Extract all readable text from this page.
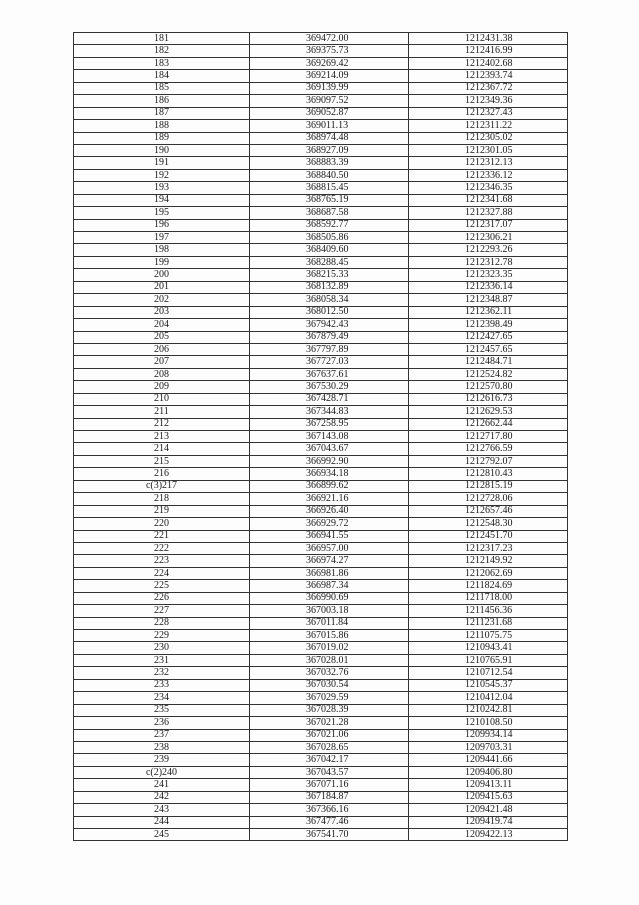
181	369472.00	1212431.38
182	369375.73	1212416.99
183	369269.42	1212402.68
184	369214.09	1212393.74
185	369139.99	1212367.72
186	369097.52	1212349.36
187	369052.87	1212327.43
188	369011.13	1212311.22
189	368974.48	1212305.02
190	368927.09	1212301.05
191	368883.39	1212312.13
192	368840.50	1212336.12
193	368815.45	1212346.35
194	368765.19	1212341.68
195	368687.58	1212327.88
196	368592.77	1212317.07
197	368505.86	1212306.21
198	368409.60	1212293.26
199	368288.45	1212312.78
200	368215.33	1212323.35
201	368132.89	1212336.14
202	368058.34	1212348.87
203	368012.50	1212362.11
204	367942.43	1212398.49
205	367879.49	1212427.65
206	367797.89	1212457.65
207	367727.03	1212484.71
208	367637.61	1212524.82
209	367530.29	1212570.80
210	367428.71	1212616.73
211	367344.83	1212629.53
212	367258.95	1212662.44
213	367143.08	1212717.80
214	367043.67	1212766.59
215	366992.90	1212792.07
216	366934.18	1212810.43
c(3)217	366899.62	1212815.19
218	366921.16	1212728.06
219	366926.40	1212657.46
220	366929.72	1212548.30
221	366941.55	1212451.70
222	366957.00	1212317.23
223	366974.27	1212149.92
224	366981.86	1212062.69
225	366987.34	1211824.69
226	366990.69	1211718.00
227	367003.18	1211456.36
228	367011.84	1211231.68
229	367015.86	1211075.75
230	367019.02	1210943.41
231	367028.01	1210765.91
232	367032.76	1210712.54
233	367030.54	1210545.37
234	367029.59	1210412.04
235	367028.39	1210242.81
236	367021.28	1210108.50
237	367021.06	1209934.14
238	367028.65	1209703.31
239	367042.17	1209441.66
c(2)240	367043.57	1209406.80
241	367071.16	1209413.11
242	367184.87	1209415.63
243	367366.16	1209421.48
244	367477.46	1209419.74
245	367541.70	1209422.13
